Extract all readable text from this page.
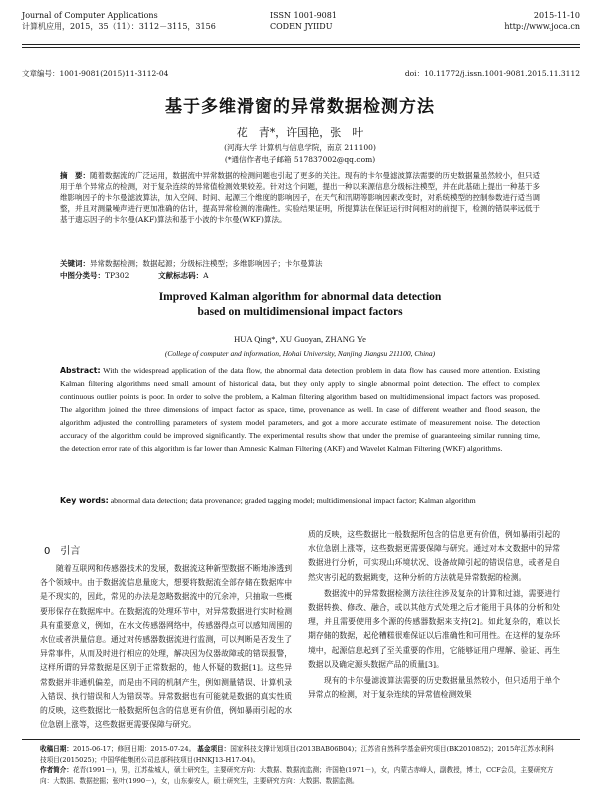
Journal of Computer Applications
计算机应用，2015，35（11）：3112－3115，3156
ISSN 1001-9081
CODEN JYIIDU
2015-11-10
http://www.joca.cn
文章编号：1001-9081(2015)11-3112-04	doi：10.11772/j.issn.1001-9081.2015.11.3112
基于多维滑窗的异常数据检测方法
花　青*，许国艳，张　叶
(河海大学 计算机与信息学院，南京 211100)
(*通信作者电子邮箱 517837002@qq.com)
摘　要：随着数据流的广泛运用，数据流中异常数据的检测问题也引起了更多的关注。现有的卡尔曼滤波算法需要的历史数据量虽然较小，但只适用于单个异常点的检测，对于复杂连续的异常值检测效果较差。针对这个问题，提出一种以来源信息分级标注模型，并在此基础上提出一种基于多维影响因子的卡尔曼滤波算法，加入空间、时间、起源三个维度的影响因子，在天气和汛期等影响因素改变时，对系统模型的控制参数进行适当调整，并且对测量噪声进行更加准确的估计，提高异常检测的准确性。实验结果证明，所提算法在保证运行时间相对的前提下，检测的错误率远低于基于遗忘因子的卡尔曼(AKF)算法和基于小波的卡尔曼(WKF)算法。
关键词：异常数据检测；数据起源；分级标注模型；多维影响因子；卡尔曼算法
中图分类号：TP302	文献标志码：A
Improved Kalman algorithm for abnormal data detection
based on multidimensional impact factors
HUA Qing*, XU Guoyan, ZHANG Ye
(College of computer and information, Hohai University, Nanjing Jiangsu 211100, China)
Abstract: With the widespread application of the data flow, the abnormal data detection problem in data flow has caused more attention. Existing Kalman filtering algorithms need small amount of historical data, but they only apply to single abnormal point detection. The effect to complex continuous outlier points is poor. In order to solve the problem, a Kalman filtering algorithm based on multidimensional impact factors was proposed. The algorithm joined the three dimensions of impact factor as space, time, provenance as well. In case of different weather and flood season, the algorithm adjusted the controlling parameters of system model parameters, and got a more accurate estimate of measurement noise. The detection accuracy of the algorithm could be improved significantly. The experimental results show that under the premise of guaranteeing similar running time, the detection error rate of this algorithm is far lower than Amnesic Kalman Filtering (AKF) and Wavelet Kalman Filtering (WKF) algorithms.
Key words: abnormal data detection; data provenance; graded tagging model; multidimensional impact factor; Kalman algorithm
0　引言
随着互联网和传感器技术的发展，数据流这种新型数据不断地渗透到各个领域中。由于数据流信息量庞大，想要将数据流全部存储在数据库中是不现实的，因此，常见的办法是忽略数据流中的冗余冲，只抽取一些概要形保存在数据库中。在数据流的处理环节中，对异常数据进行实时检测具有重要意义，例如，在水文传感器网络中，传感器得点可以感知周围的水位或者洪量信息。通过对传感器数据流进行监测，可以判断是否发生了异常事件，从而及时进行相应的处理，解决因为仪器故障或的错误报警，这样所谓的异常数据是区别于正常数据的，他人怀疑的数据[1]。这些异常数据并非通机偏差，而是由不同的机制产生，例如测量错误、计算机录入错误、执行错误和人为错误等。异常数据也有可能就是数据的真实性质的反映，这些数据比一般数据所包含的信息更有价值，例如暴雨引起的水位急剧上涨等，这些数据更需要保障与研究。

质的反映，这些数据比一般数据所包含的信息更有价值，例如暴雨引起的水位急剧上涨等，这些数据更需要保障与研究。通过对本文数据中的异常数据进行分析，可实现山环境状况、设备故障引起的错误信息，或者是自然灾害引起的数据跳变，这种分析的方法就是异常数据的检测。

数据流中的异常数据检测方法往往涉及复杂的计算和过滤，需要进行数据转换、修改、融合，或以其他方式处理之后才能用于具体的分析和处理，并且需要使用多个源的传感器数据来支持[2]。如此复杂的，难以长期存储的数据，起伦糟糕很难保证以后准确性和可用性。在这样的复杂环境中，起源信息起到了至关重要的作用，它能够证用户理解、验证、再生数据以及确定源头数据产品的质量[3]。

现有的卡尔曼滤波算法需要的历史数据量虽然较小，但只适用于单个异常点的检测，对于复杂连续的异常值检测效果

收稿日期：2015-06-17；修回日期：2015-07-24。 基金项目：国家科技支撑计划项目(2013BAB06B04)；江苏省自然科学基金研究项目(BK2010852)；2015年江苏水利科技项目(2015025)；中国华能集团公司总部科技项目(HNKJ13-H17-04)。
作者简介：花青(1991－)，男，江苏盐城人，硕士研究生，主要研究方向：大数据、数据流监测；许国艳(1971－)，女，内蒙古赤峰人，副教授，博士，CCF会员，主要研究方向：大数据、数据挖掘；张叶(1990－)，女，山东泰安人，硕士研究生，主要研究方向：大数据、数据监测。
